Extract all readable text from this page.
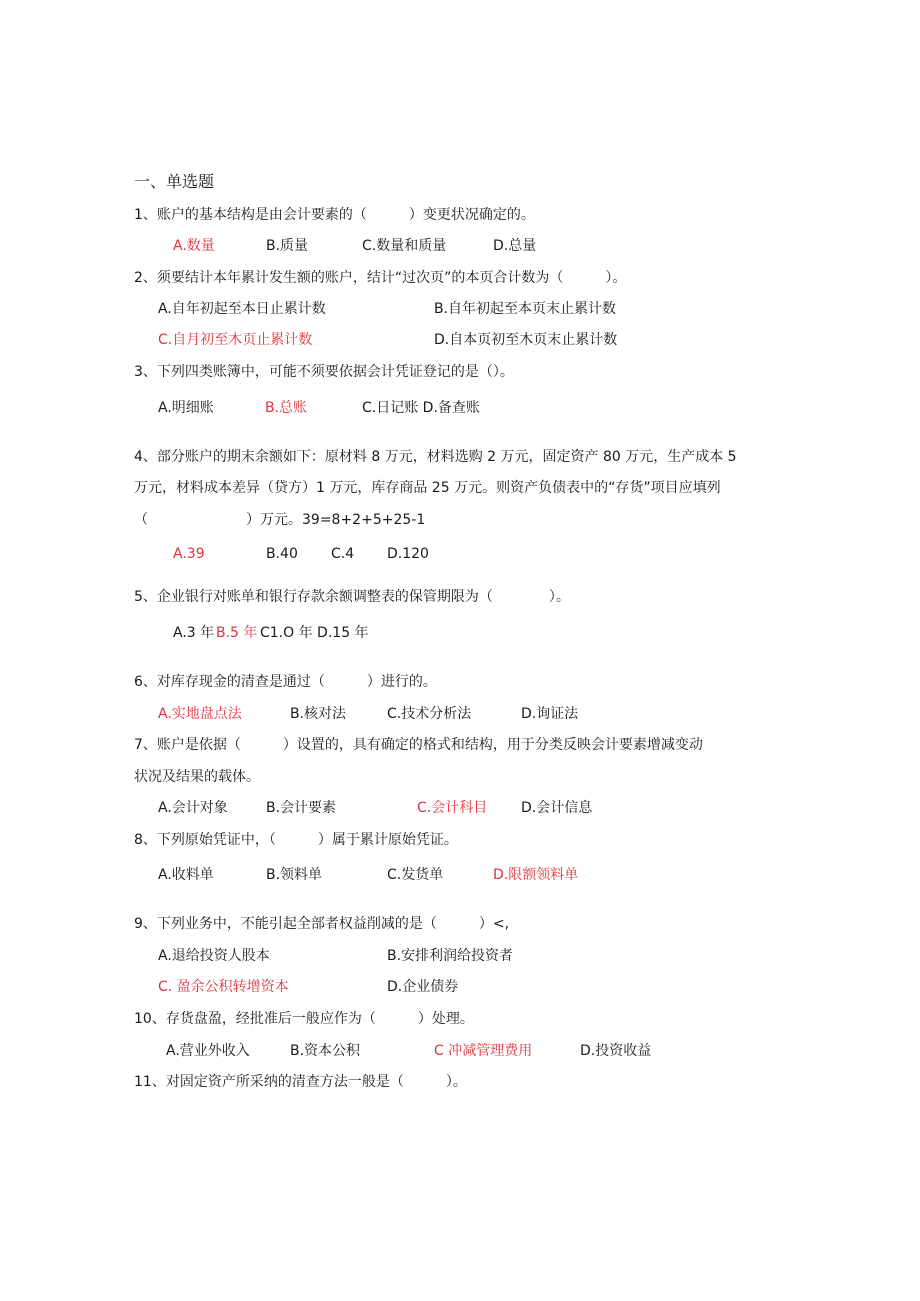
一、单选题
1、账户的基本结构是由会计要素的（　　　）变更状况确定的。
A.数量	B.质量	C.数量和质量	D.总量
2、须要结计本年累计发生额的账户，结计“过次页”的本页合计数为（　　　）。
A.自年初起至本日止累计数	B.自年初起至本页末止累计数
C.自月初至木页止累计数	D.自本页初至木页末止累计数
3、下列四类账簿中，可能不须要依据会计凭证登记的是（）。
A.明细账	B.总账	C.日记账 D.备查账
4、部分账户的期末余额如下：原材料 8 万元，材料选购 2 万元，固定资产 80 万元，生产成本 5
万元，材料成本差异（贷方）1 万元，库存商品 25 万元。则资产负债表中的“存货”项目应填列
（　　　　　　　）万元。39=8+2+5+25-1
A.39	B.40 C.4 D.120
5、企业银行对账单和银行存款余额调整表的保管期限为（　　　　）。
A.3 年 B.5 年 C1.O 年 D.15 年
6、对库存现金的清查是通过（　　　）进行的。
A.实地盘点法	B.核对法	C.技术分析法	D.询证法
7、账户是依据（　　　）设置的，具有确定的格式和结构，用于分类反映会计要素增减变动
状况及结果的载体。
A.会计对象	B.会计要素	C.会计科目 D.会计信息
8、下列原始凭证中，（　　　）属于累计原始凭证。
A.收料单	B.领料单	C.发货单	D.限额领料单
9、下列业务中，不能引起全部者权益削减的是（　　　）<,
A.退给投资人股本	B.安排利润给投资者
C. 盈余公积转增资本	D.企业债券
10、存货盘盈，经批准后一般应作为（　　　）处理。
A.营业外收入	B.资本公积	C 冲减管理费用	D.投资收益
11、对固定资产所采纳的清查方法一般是（　　　）。
